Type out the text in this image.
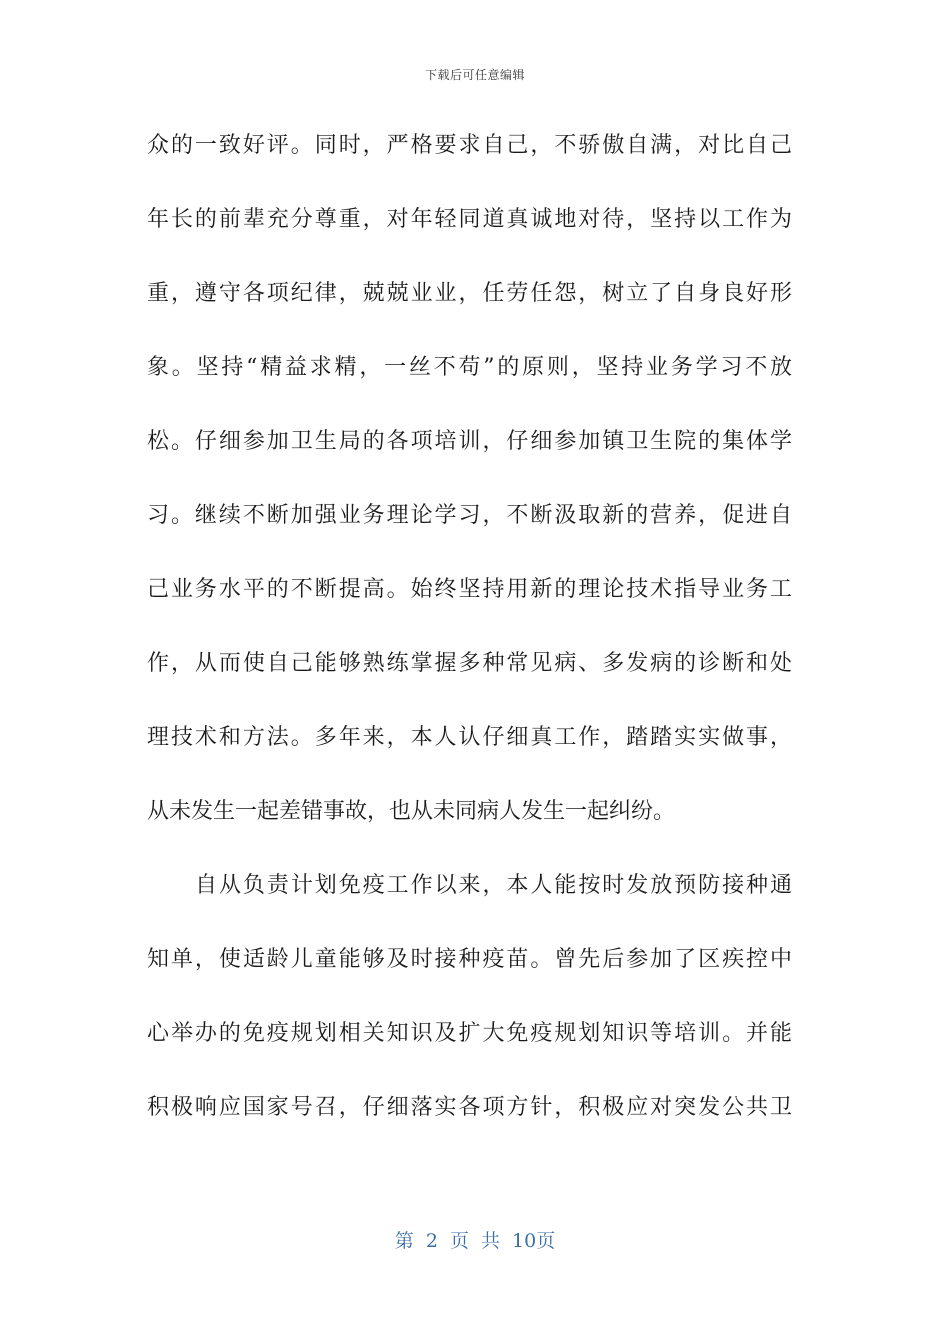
下载后可任意编辑
众的一致好评。同时，严格要求自己，不骄傲自满，对比自己
年长的前辈充分尊重，对年轻同道真诚地对待，坚持以工作为
重，遵守各项纪律，兢兢业业，任劳任怨，树立了自身良好形
象。坚持“精益求精，一丝不苟”的原则，坚持业务学习不放
松。仔细参加卫生局的各项培训，仔细参加镇卫生院的集体学
习。继续不断加强业务理论学习，不断汲取新的营养，促进自
己业务水平的不断提高。始终坚持用新的理论技术指导业务工
作，从而使自己能够熟练掌握多种常见病、多发病的诊断和处
理技术和方法。多年来，本人认仔细真工作，踏踏实实做事，
从未发生一起差错事故，也从未同病人发生一起纠纷。
自从负责计划免疫工作以来，本人能按时发放预防接种通
知单，使适龄儿童能够及时接种疫苗。曾先后参加了区疾控中
心举办的免疫规划相关知识及扩大免疫规划知识等培训。并能
积极响应国家号召，仔细落实各项方针，积极应对突发公共卫
第 2 页 共 10页
